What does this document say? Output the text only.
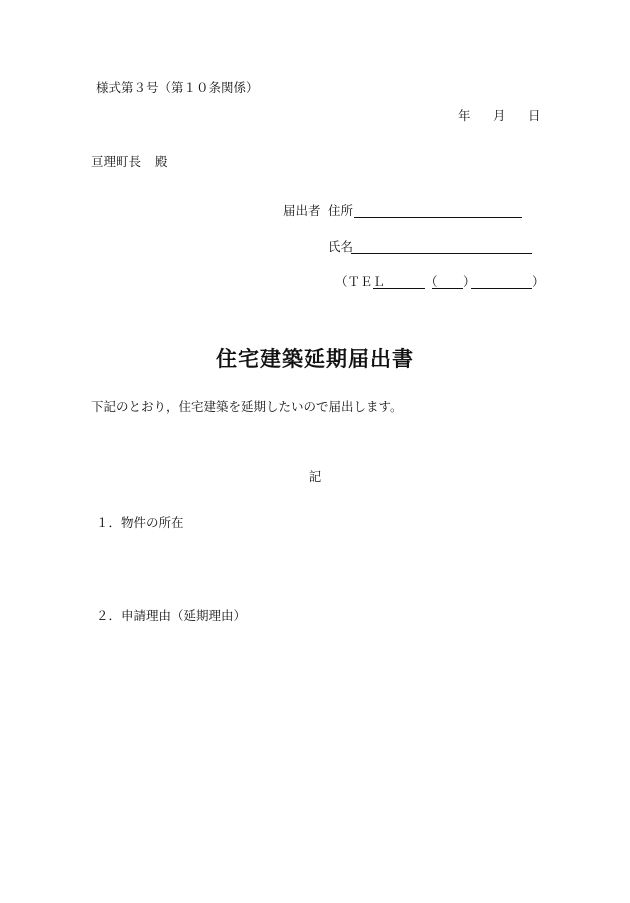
様式第３号（第１０条関係）
年 月 日
亘理町長 殿
届出者 住所
氏名
（ＴＥＬ	（ ）	）
住宅建築延期届出書
下記のとおり，住宅建築を延期したいので届出します。
記
１．物件の所在
２．申請理由（延期理由）
